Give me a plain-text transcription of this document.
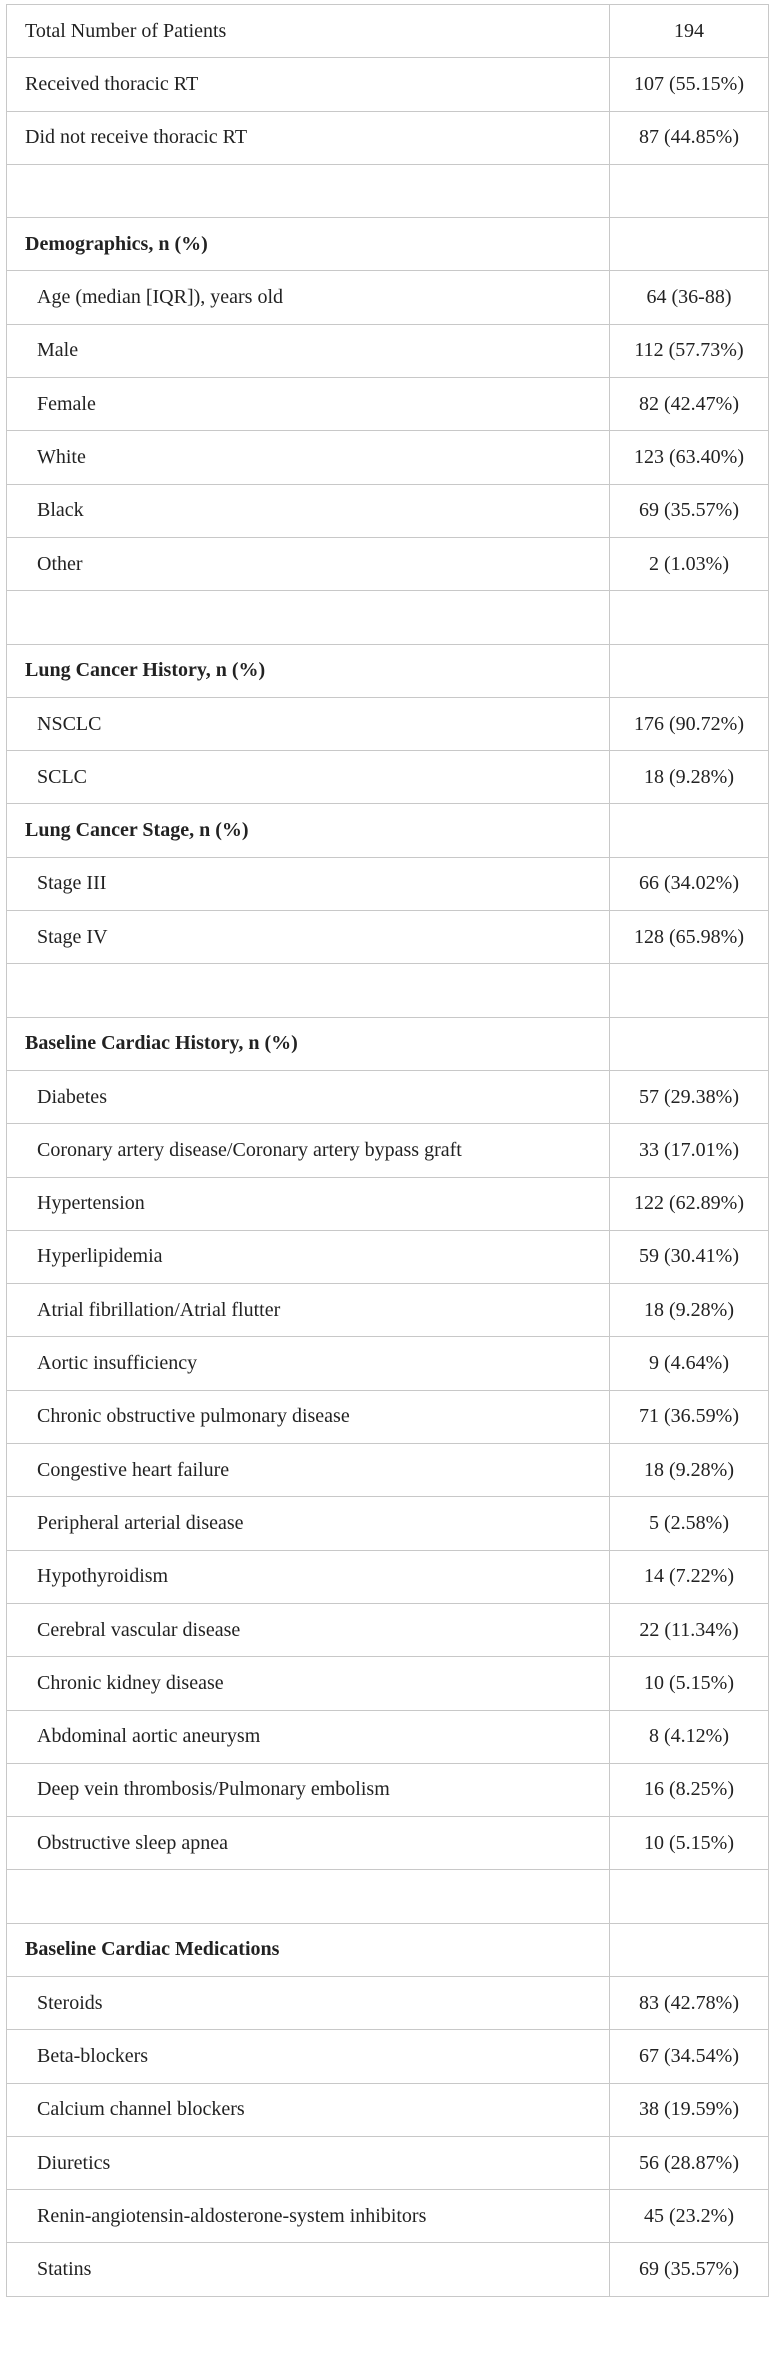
Total Number of Patients	194
Received thoracic RT	107 (55.15%)
Did not receive thoracic RT	87 (44.85%)

Demographics, n (%)	
Age (median [IQR]), years old	64 (36-88)
Male	112 (57.73%)
Female	82 (42.47%)
White	123 (63.40%)
Black	69 (35.57%)
Other	2 (1.03%)

Lung Cancer History, n (%)	
NSCLC	176 (90.72%)
SCLC	18 (9.28%)
Lung Cancer Stage, n (%)	
Stage III	66 (34.02%)
Stage IV	128 (65.98%)

Baseline Cardiac History, n (%)	
Diabetes	57 (29.38%)
Coronary artery disease/Coronary artery bypass graft	33 (17.01%)
Hypertension	122 (62.89%)
Hyperlipidemia	59 (30.41%)
Atrial fibrillation/Atrial flutter	18 (9.28%)
Aortic insufficiency	9 (4.64%)
Chronic obstructive pulmonary disease	71 (36.59%)
Congestive heart failure	18 (9.28%)
Peripheral arterial disease	5 (2.58%)
Hypothyroidism	14 (7.22%)
Cerebral vascular disease	22 (11.34%)
Chronic kidney disease	10 (5.15%)
Abdominal aortic aneurysm	8 (4.12%)
Deep vein thrombosis/Pulmonary embolism	16 (8.25%)
Obstructive sleep apnea	10 (5.15%)

Baseline Cardiac Medications	
Steroids	83 (42.78%)
Beta-blockers	67 (34.54%)
Calcium channel blockers	38 (19.59%)
Diuretics	56 (28.87%)
Renin-angiotensin-aldosterone-system inhibitors	45 (23.2%)
Statins	69 (35.57%)
